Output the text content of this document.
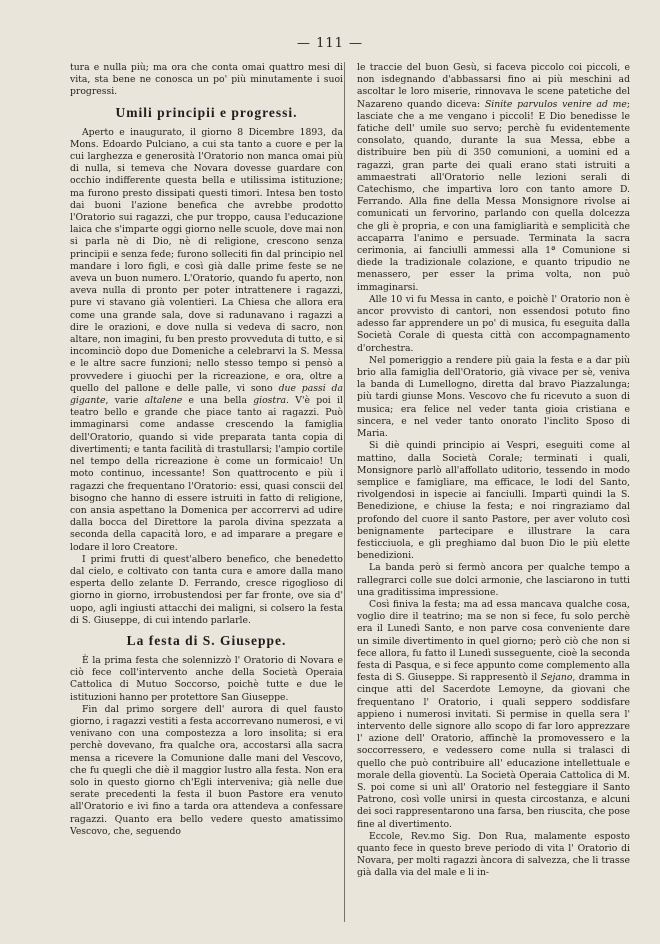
— 111 —

tura e nulla più; ma ora che conta omai quattro mesi di vita, sta bene ne conosca un po' più minutamente i suoi progressi.

Umili principii e progressi.

Aperto e inaugurato, il giorno 8 Dicembre 1893, da Mons. Edoardo Pulciano, a cui sta tanto a cuore e per la cui larghezza e generosità l'Oratorio non manca omai più di nulla, si temeva che Novara dovesse guardare con occhio indifferente questa bella e utilissima istituzione; ma furono presto dissipati questi timori. Intesa ben tosto dai buoni l'azione benefica che avrebbe prodotto l'Oratorio sui ragazzi, che pur troppo, causa l'educazione laica che s'imparte oggi giorno nelle scuole, dove mai non si parla nè di Dio, nè di religione, crescono senza principii e senza fede; furono solleciti fin dal principio nel mandare i loro figli, e così già dalle prime feste se ne aveva un buon numero. L'Oratorio, quando fu aperto, non aveva nulla di pronto per poter intrattenere i ragazzi, pure vi stavano già volentieri. La Chiesa che allora era come una grande sala, dove si radunavano i ragazzi a dire le orazioni, e dove nulla si vedeva di sacro, non altare, non imagini, fu ben presto provveduta di tutto, e si incominciò dopo due Domeniche a celebrarvi la S. Messa e le altre sacre funzioni; nello stesso tempo si pensò a provvedere i giuochi per la ricreazione, e ora, oltre a quello del pallone e delle palle, vi sono due passi da gigante, varie altalene e una bella giostra. V'è poi il teatro bello e grande che piace tanto ai ragazzi. Può immaginarsi come andasse crescendo la famiglia dell'Oratorio, quando si vide preparata tanta copia di divertimenti; e tanta facilità di trastullarsi; l'ampio cortile nel tempo della ricreazione è come un formicaio! Un moto continuo, incessante! Son quattrocento e più i ragazzi che frequentano l'Oratorio: essi, quasi conscii del bisogno che hanno di essere istruiti in fatto di religione, con ansia aspettano la Domenica per accorrervi ad udire dalla bocca del Direttore la parola divina spezzata a seconda della capacità loro, e ad imparare a pregare e lodare il loro Creatore.

I primi frutti di quest'albero benefico, che benedetto dal cielo, e coltivato con tanta cura e amore dalla mano esperta dello zelante D. Ferrando, cresce rigoglioso di giorno in giorno, irrobustendosi per far fronte, ove sia d' uopo, agli ingiusti attacchi dei maligni, si colsero la festa di S. Giuseppe, di cui intendo parlarle.

La festa di S. Giuseppe.

È la prima festa che solennizzò l' Oratorio di Novara e ciò fece coll'intervento anche della Società Operaia Cattolica di Mutuo Soccorso, poichè tutte e due le istituzioni hanno per protettore San Giuseppe.

Fin dal primo sorgere dell' aurora di quel fausto giorno, i ragazzi vestiti a festa accorrevano numerosi, e vi venivano con una compostezza a loro insolita; si era perchè dovevano, fra qualche ora, accostarsi alla sacra mensa a ricevere la Comunione dalle mani del Vescovo, che fu quegli che diè il maggior lustro alla festa. Non era solo in questo giorno ch'Egli interveniva; già nelle due serate precedenti la festa il buon Pastore era venuto all'Oratorio e ivi fino a tarda ora attendeva a confessare ragazzi. Quanto era bello vedere questo amatissimo Vescovo, che, seguendo

le traccie del buon Gesù, si faceva piccolo coi piccoli, e non isdegnando d'abbassarsi fino ai più meschini ad ascoltar le loro miserie, rinnovava le scene patetiche del Nazareno quando diceva: Sinite parvulos venire ad me; lasciate che a me vengano i piccoli! E Dio benedisse le fatiche dell' umile suo servo; perchè fu evidentemente consolato, quando, durante la sua Messa, ebbe a distribuire ben più di 350 comunioni, a uomini ed a ragazzi, gran parte dei quali erano stati istruiti a ammaestrati all'Oratorio nelle lezioni serali di Catechismo, che impartiva loro con tanto amore D. Ferrando. Alla fine della Messa Monsignore rivolse ai comunicati un fervorino, parlando con quella dolcezza che gli è propria, e con una famigliarità e semplicità che accaparra l'animo e persuade. Terminata la sacra cerimonia, ai fanciulli ammessi alla 1ª Comunione si diede la tradizionale colazione, e quanto tripudio ne menassero, per esser la prima volta, non può immaginarsi.

Alle 10 vi fu Messa in canto, e poichè l' Oratorio non è ancor provvisto di cantori, non essendosi potuto fino adesso far apprendere un po' di musica, fu eseguita dalla Società Corale di questa città con accompagnamento d'orchestra.

Nel pomeriggio a rendere più gaia la festa e a dar più brio alla famiglia dell'Oratorio, già vivace per sè, veniva la banda di Lumellogno, diretta dal bravo Piazzalunga; più tardi giunse Mons. Vescovo che fu ricevuto a suon di musica; era felice nel veder tanta gioia cristiana e sincera, e nel veder tanto onorato l'inclito Sposo di Maria.

Si diè quindi principio ai Vespri, eseguiti come al mattino, dalla Società Corale; terminati i quali, Monsignore parlò all'affollato uditorio, tessendo in modo semplice e famigliare, ma efficace, le lodi del Santo, rivolgendosi in ispecie ai fanciulli. Impartì quindi la S. Benedizione, e chiuse la festa; e noi ringraziamo dal profondo del cuore il santo Pastore, per aver voluto così benignamente partecipare e illustrare la cara festicciuola, e gli preghiamo dal buon Dio le più elette benedizioni.

La banda però si fermò ancora per qualche tempo a rallegrarci colle sue dolci armonie, che lasciarono in tutti una graditissima impressione.

Così finiva la festa; ma ad essa mancava qualche cosa, voglio dire il teatrino; ma se non si fece, fu solo perchè era il Lunedì Santo, e non parve cosa conveniente dare un simile divertimento in quel giorno; però ciò che non si fece allora, fu fatto il Lunedì susseguente, cioè la seconda festa di Pasqua, e si fece appunto come complemento alla festa di S. Giuseppe. Si rappresentò il Sejano, dramma in cinque atti del Sacerdote Lemoyne, da giovani che frequentano l' Oratorio, i quali seppero soddisfare appieno i numerosi invitati. Si permise in quella sera l' intervento delle signore allo scopo di far loro apprezzare l' azione dell' Oratorio, affinchè la promovessero e la soccorressero, e vedessero come nulla si tralasci di quello che può contribuire all' educazione intellettuale e morale della gioventù. La Società Operaia Cattolica di M. S. poi come si unì all' Oratorio nel festeggiare il Santo Patrono, così volle unirsi in questa circostanza, e alcuni dei soci rappresentarono una farsa, ben riuscita, che pose fine al divertimento.

Eccole, Rev.mo Sig. Don Rua, malamente esposto quanto fece in questo breve periodo di vita l' Oratorio di Novara, per molti ragazzi àncora di salvezza, che li trasse già dalla via del male e li in-
